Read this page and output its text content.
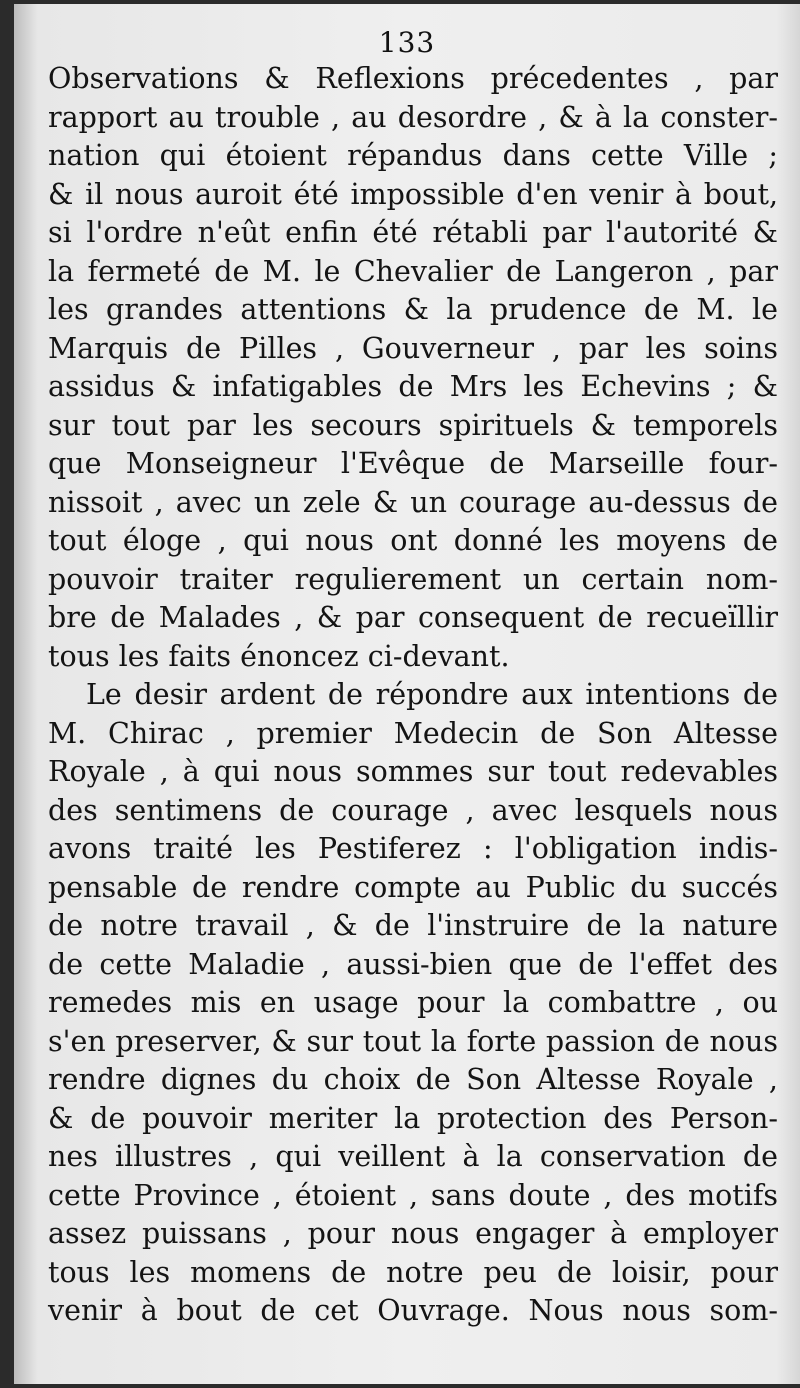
133
Observations & Reflexions précedentes , par
rapport au trouble , au desordre , & à la conster-
nation qui étoient répandus dans cette Ville ;
& il nous auroit été impossible d'en venir à bout,
si l'ordre n'eût enfin été rétabli par l'autorité &
la fermeté de M. le Chevalier de Langeron , par
les grandes attentions & la prudence de M. le
Marquis de Pilles , Gouverneur , par les soins
assidus & infatigables de Mrs les Echevins ; &
sur tout par les secours spirituels & temporels
que Monseigneur l'Evêque de Marseille four-
nissoit , avec un zele & un courage au-dessus de
tout éloge , qui nous ont donné les moyens de
pouvoir traiter regulierement un certain nom-
bre de Malades , & par consequent de recueïllir
tous les faits énoncez ci-devant.
Le desir ardent de répondre aux intentions de
M. Chirac , premier Medecin de Son Altesse
Royale , à qui nous sommes sur tout redevables
des sentimens de courage , avec lesquels nous
avons traité les Pestiferez : l'obligation indis-
pensable de rendre compte au Public du succés
de notre travail , & de l'instruire de la nature
de cette Maladie , aussi-bien que de l'effet des
remedes mis en usage pour la combattre , ou
s'en preserver, & sur tout la forte passion de nous
rendre dignes du choix de Son Altesse Royale ,
& de pouvoir meriter la protection des Person-
nes illustres , qui veillent à la conservation de
cette Province , étoient , sans doute , des motifs
assez puissans , pour nous engager à employer
tous les momens de notre peu de loisir, pour
venir à bout de cet Ouvrage. Nous nous som-
